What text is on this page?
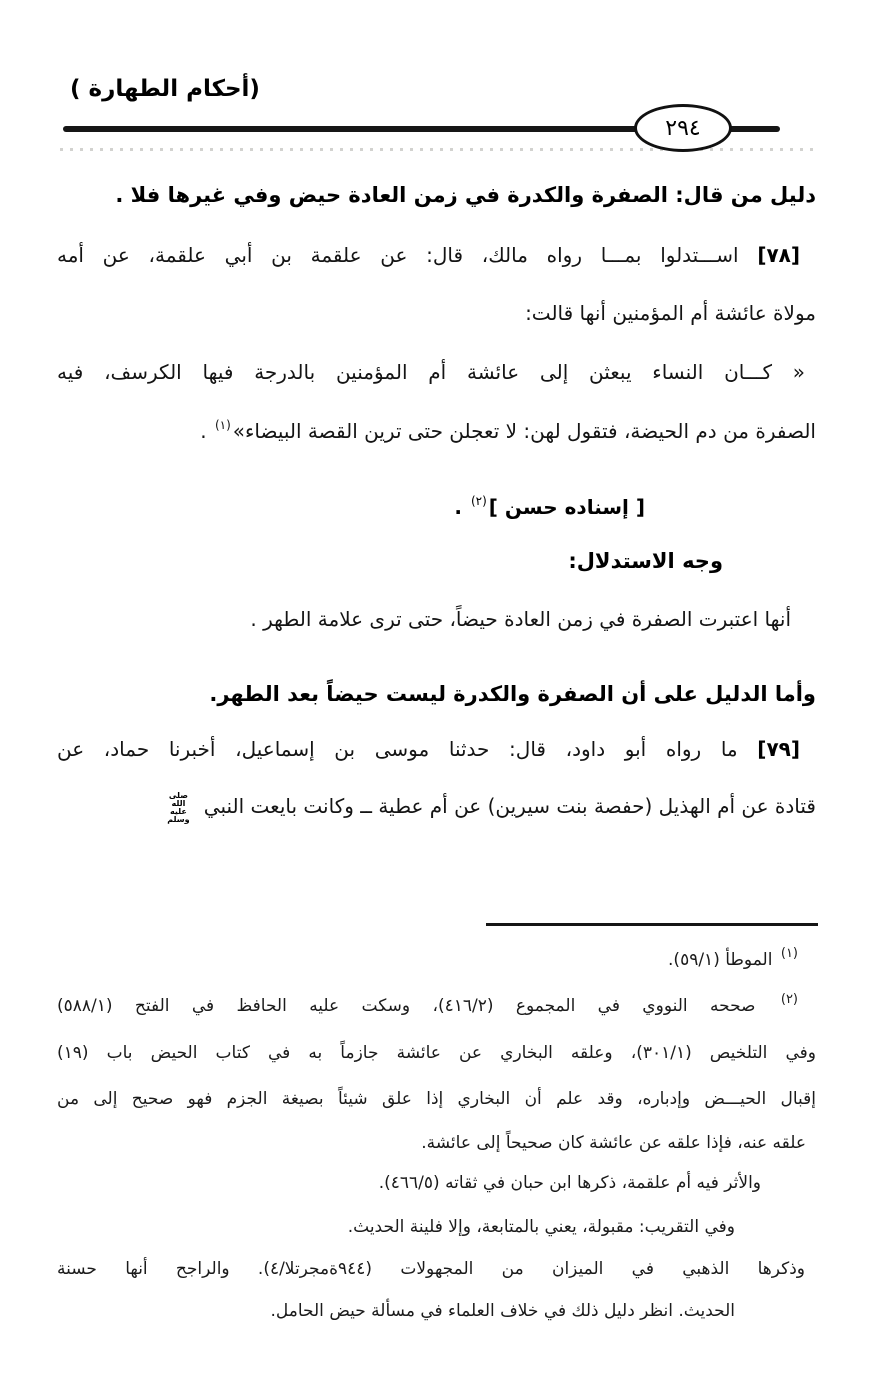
(أحكام الطهارة )
٢٩٤
دليل من قال: الصفرة والكدرة في زمن العادة حيض وفي غيرها فلا .
[٧٨] اســـتدلوا بمـــا رواه مالك، قال: عن علقمة بن أبي علقمة، عن أمه
مولاة عائشة أم المؤمنين أنها قالت:
« كـــان النساء يبعثن إلى عائشة أم المؤمنين بالدرجة فيها الكرسف، فيه
الصفرة من دم الحيضة، فتقول لهن: لا تعجلن حتى ترين القصة البيضاء»$^{(١)}$ .
[ إسناده حسن ]$^{(٢)}$ .
وجه الاستدلال:
أنها اعتبرت الصفرة في زمن العادة حيضاً، حتى ترى علامة الطهر .
وأما الدليل على أن الصفرة والكدرة ليست حيضاً بعد الطهر.
[٧٩] ما رواه أبو داود، قال: حدثنا موسى بن إسماعيل، أخبرنا حماد، عن
قتادة عن أم الهذيل (حفصة بنت سيرين) عن أم عطية ــ وكانت بايعت النبي صلى الله
عليه وسلم
$^{(١)}$ الموطأ (٥٩/١).
$^{(٢)}$ صححه النووي في المجموع (٤١٦/٢)، وسكت عليه الحافظ في الفتح (٥٨٨/١)
وفي التلخيص (٣٠١/١)، وعلقه البخاري عن عائشة جازماً به في كتاب الحيض باب (١٩)
إقبال الحيـــض وإدباره، وقد علم أن البخاري إذا علق شيئاً بصيغة الجزم فهو صحيح إلى من
علقه عنه، فإذا علقه عن عائشة كان صحيحاً إلى عائشة.
والأثر فيه أم علقمة، ذكرها ابن حبان في ثقاته (٤٦٦/٥).
وفي التقريب: مقبولة، يعني بالمتابعة، وإلا فلينة الحديث.
وذكرها الذهبي في الميزان من المجهولات (٤/الترجمة٩٤٤). والراجح أنها حسنة
الحديث. انظر دليل ذلك في خلاف العلماء في مسألة حيض الحامل.
